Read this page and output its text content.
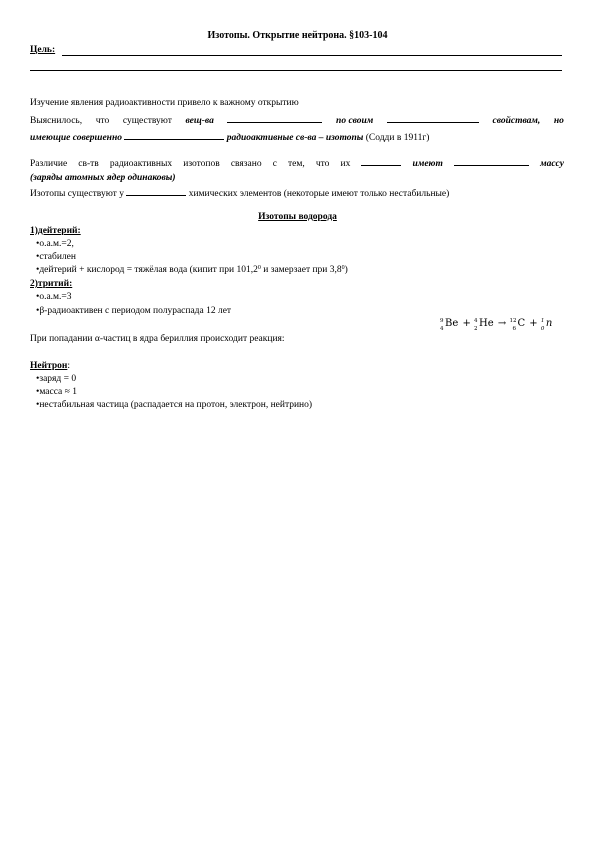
Изотопы. Открытие нейтрона. §103-104
Цель:
Изучение явления радиоактивности привело к важному открытию
Выяснилось, что существуют вещ-ва	по своим	свойствам, но
имеющие совершенно	радиоактивные св-ва – изотопы (Содди в 1911г)
Различие св-тв радиоактивных изотопов связано с тем, что их	имеют	массу
(заряды атомных ядер одинаковы)
Изотопы существуют у	химических элементов (некоторые имеют только нестабильные)
Изотопы водорода
1)дейтерий:
•о.а.м.=2,
•стабилен
•дейтерий + кислород = тяжёлая вода (кипит при 101,2$^0$ и замерзает при $3,8^0$)
2)тритий:
•о.а.м.=3
•β-радиоактивен с периодом полураспада 12 лет
При попадании α-частиц в ядра бериллия происходит реакция:
9
4 Be + 4
2 He → 12
6 C + 1
0 n
Нейтрон:
•заряд = 0
•масса ≈ 1
•нестабильная частица (распадается на протон, электрон, нейтрино)
